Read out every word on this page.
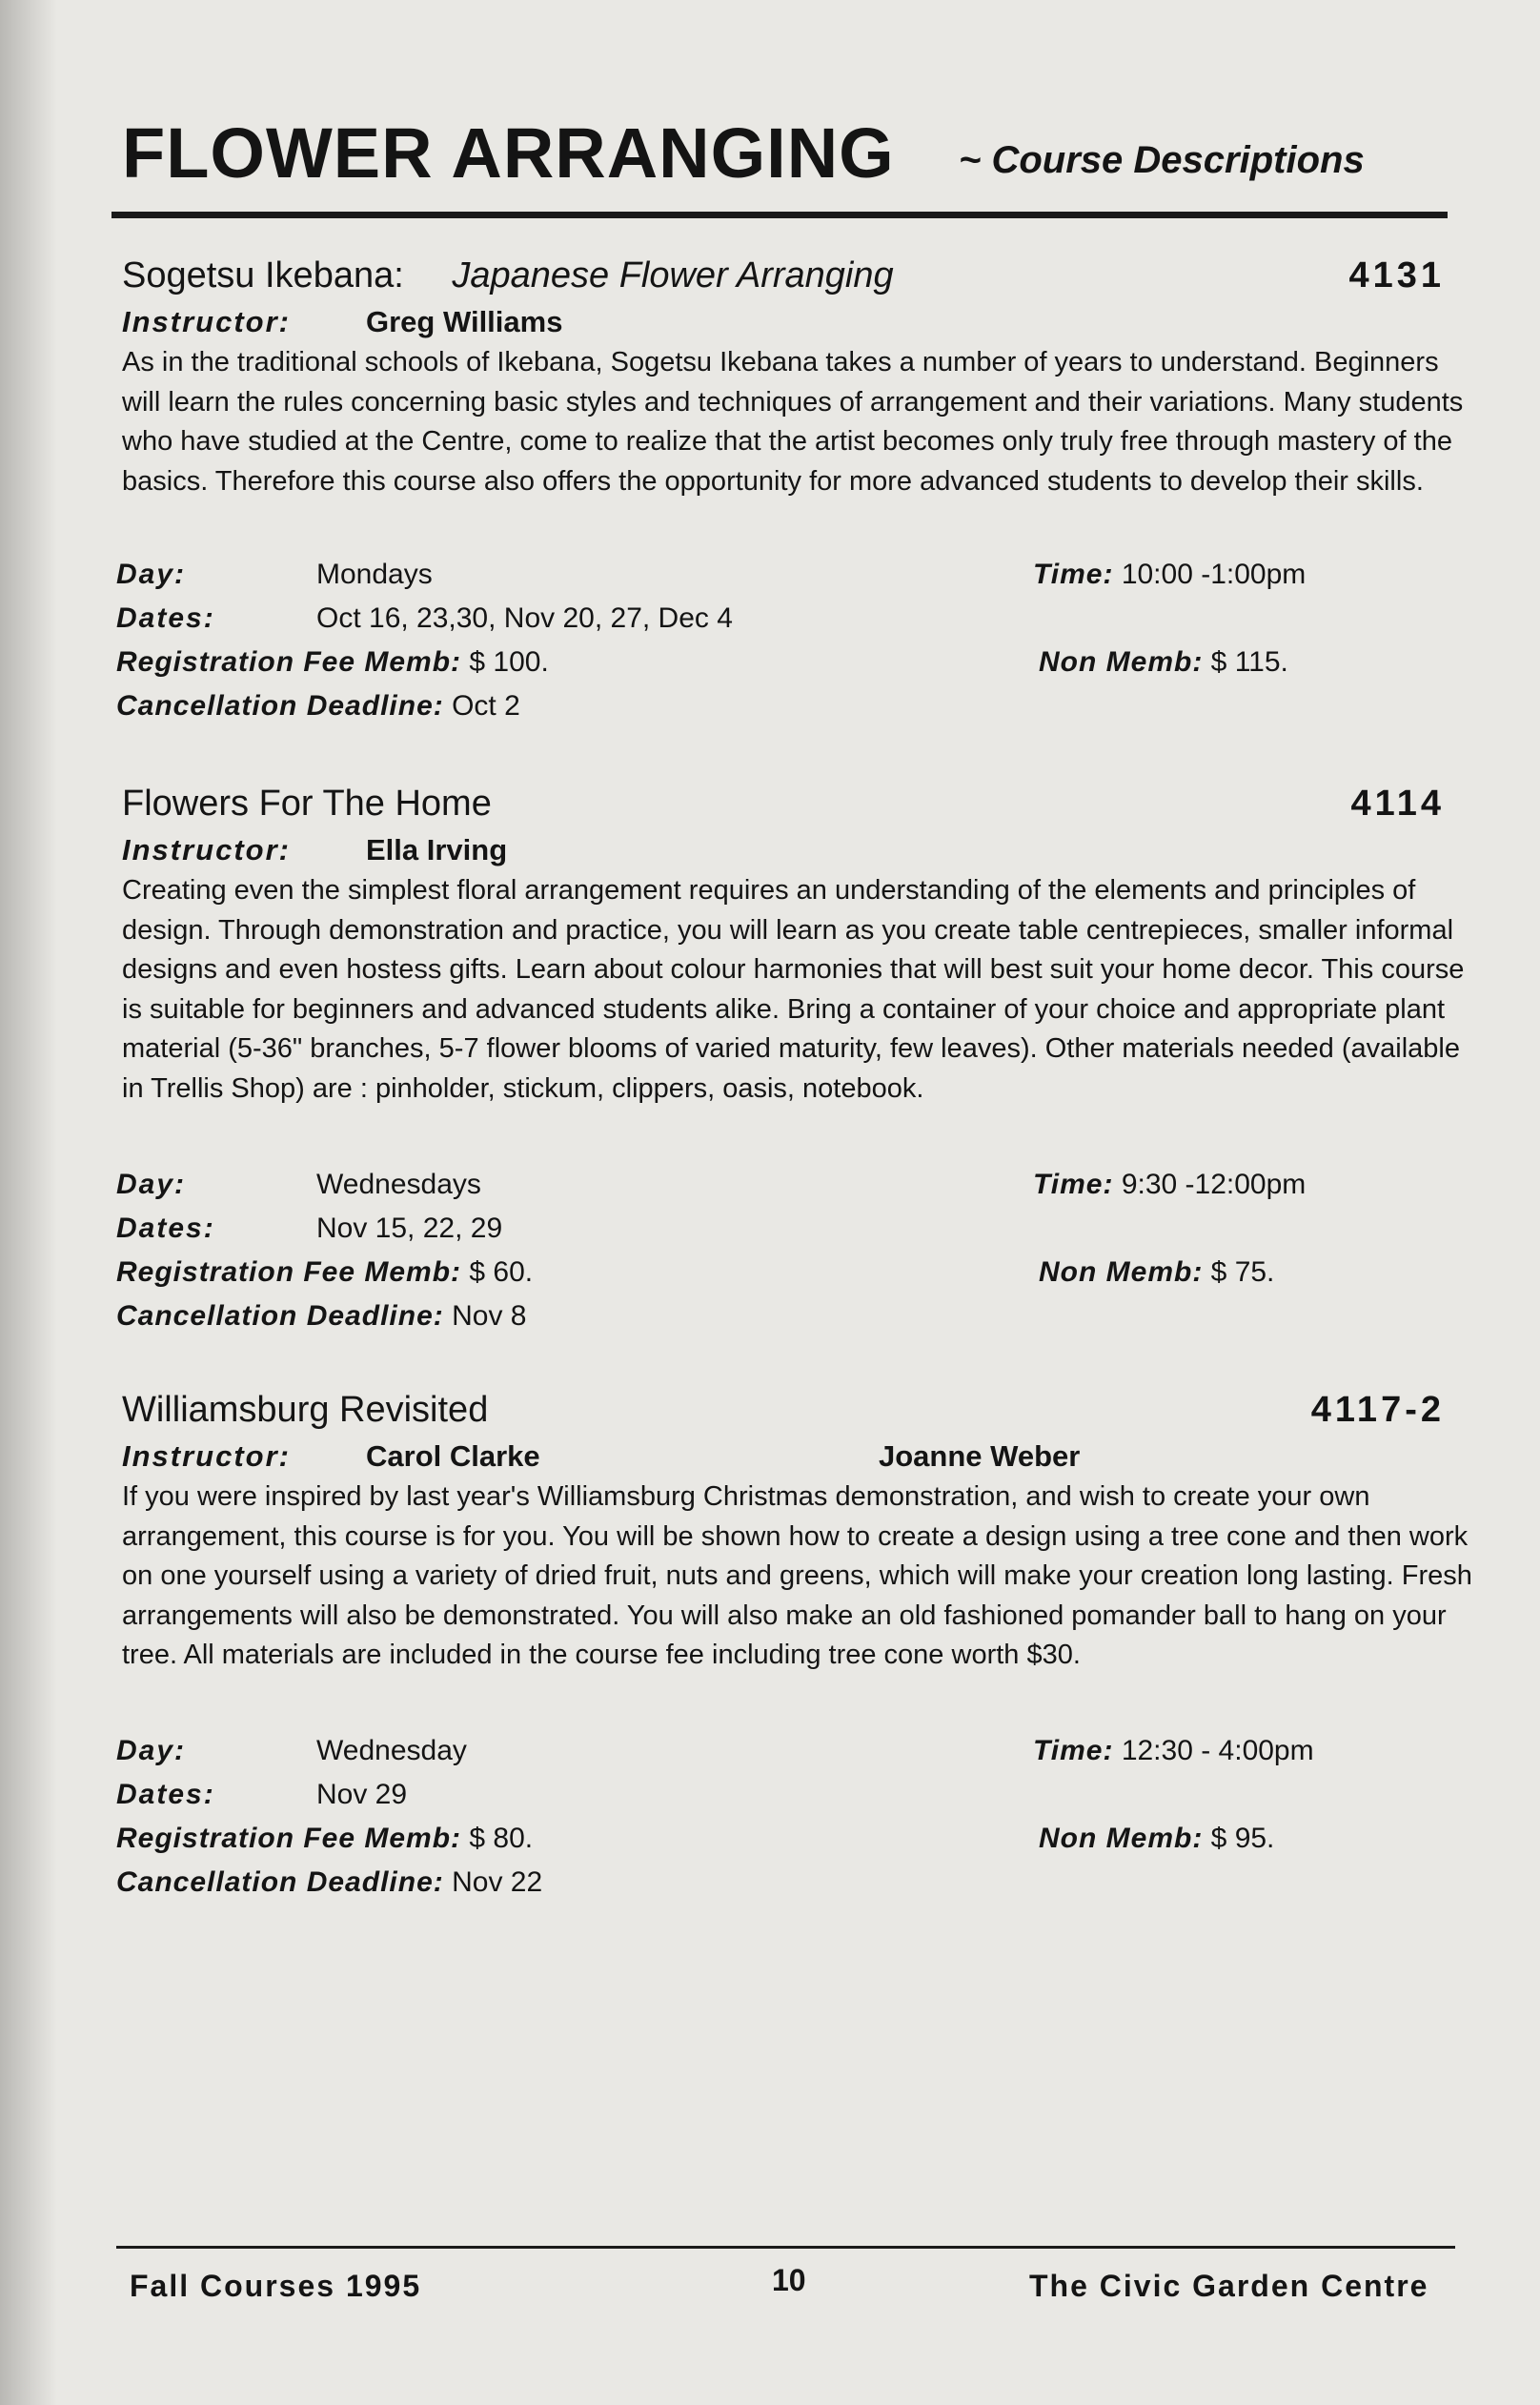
FLOWER ARRANGING ~ Course Descriptions
Sogetsu Ikebana: Japanese Flower Arranging	4131
Instructor:	Greg Williams
As in the traditional schools of Ikebana, Sogetsu Ikebana takes a number of years to understand. Beginners will learn the rules concerning basic styles and techniques of arrangement and their variations. Many students who have studied at the Centre, come to realize that the artist becomes only truly free through mastery of the basics. Therefore this course also offers the opportunity for more advanced students to develop their skills.
Day:	Mondays	Time: 10:00 -1:00pm
Dates:	Oct 16, 23,30, Nov 20, 27, Dec 4
Registration Fee Memb: $ 100.	Non Memb: $ 115.
Cancellation Deadline: Oct 2
Flowers For The Home	4114
Instructor:	Ella Irving
Creating even the simplest floral arrangement requires an understanding of the elements and principles of design. Through demonstration and practice, you will learn as you create table centrepieces, smaller informal designs and even hostess gifts. Learn about colour harmonies that will best suit your home decor. This course is suitable for beginners and advanced students alike. Bring a container of your choice and appropriate plant material (5-36" branches, 5-7 flower blooms of varied maturity, few leaves). Other materials needed (available in Trellis Shop) are : pinholder, stickum, clippers, oasis, notebook.
Day:	Wednesdays	Time: 9:30 -12:00pm
Dates:	Nov 15, 22, 29
Registration Fee Memb: $ 60.	Non Memb: $ 75.
Cancellation Deadline: Nov 8
Williamsburg Revisited	4117-2
Instructor:	Carol Clarke	Joanne Weber
If you were inspired by last year's Williamsburg Christmas demonstration, and wish to create your own arrangement, this course is for you. You will be shown how to create a design using a tree cone and then work on one yourself using a variety of dried fruit, nuts and greens, which will make your creation long lasting. Fresh arrangements will also be demonstrated. You will also make an old fashioned pomander ball to hang on your tree. All materials are included in the course fee including tree cone worth $30.
Day:	Wednesday	Time: 12:30 - 4:00pm
Dates:	Nov 29
Registration Fee Memb: $ 80.	Non Memb: $ 95.
Cancellation Deadline: Nov 22
Fall Courses 1995	10	The Civic Garden Centre
